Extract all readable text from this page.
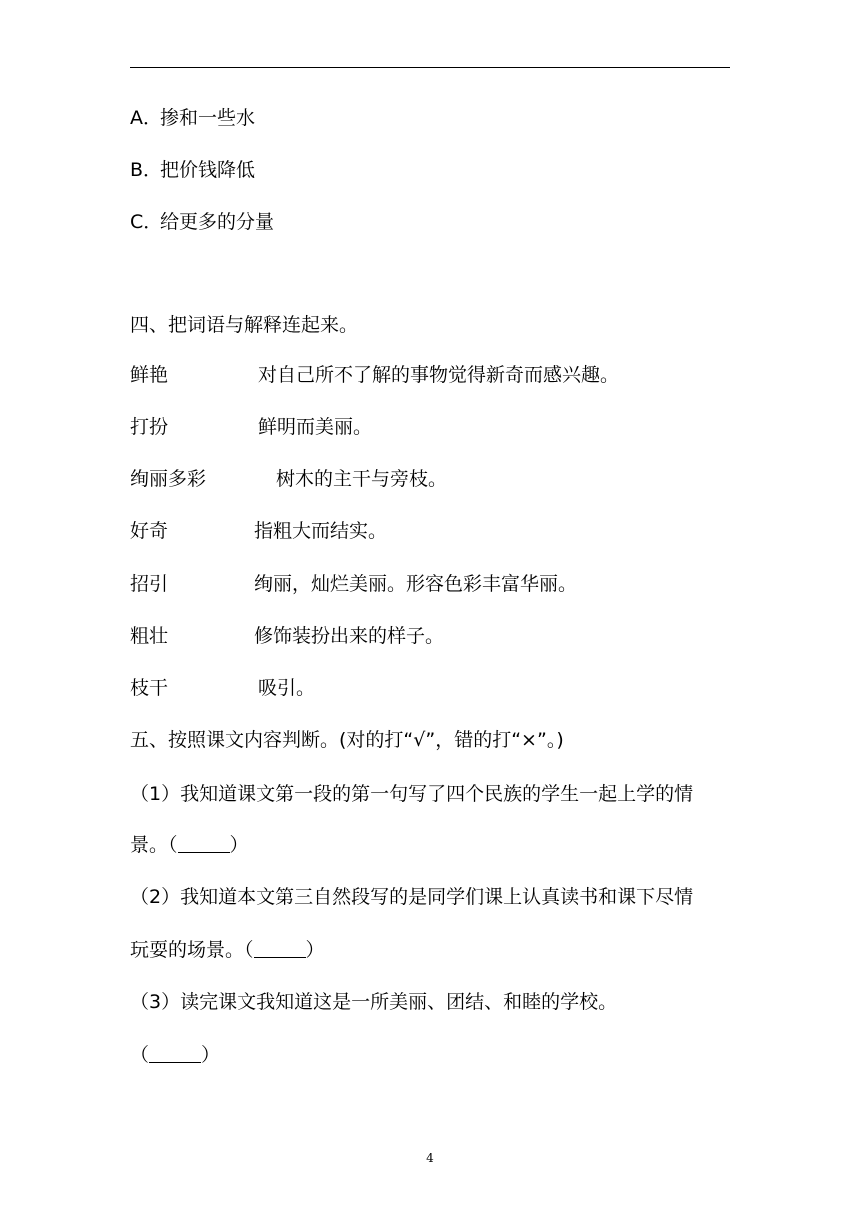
A．掺和一些水
B．把价钱降低
C．给更多的分量
四、把词语与解释连起来。
鲜艳	对自己所不了解的事物觉得新奇而感兴趣。
打扮	鲜明而美丽。
绚丽多彩	树木的主干与旁枝。
好奇	指粗大而结实。
招引	绚丽，灿烂美丽。形容色彩丰富华丽。
粗壮	修饰装扮出来的样子。
枝干	吸引。
五、按照课文内容判断。(对的打“√”，错的打“×”。)
（1）我知道课文第一段的第一句写了四个民族的学生一起上学的情
景。（	）
（2）我知道本文第三自然段写的是同学们课上认真读书和课下尽情
玩耍的场景。（	）
（3）读完课文我知道这是一所美丽、团结、和睦的学校。
（	）
4
